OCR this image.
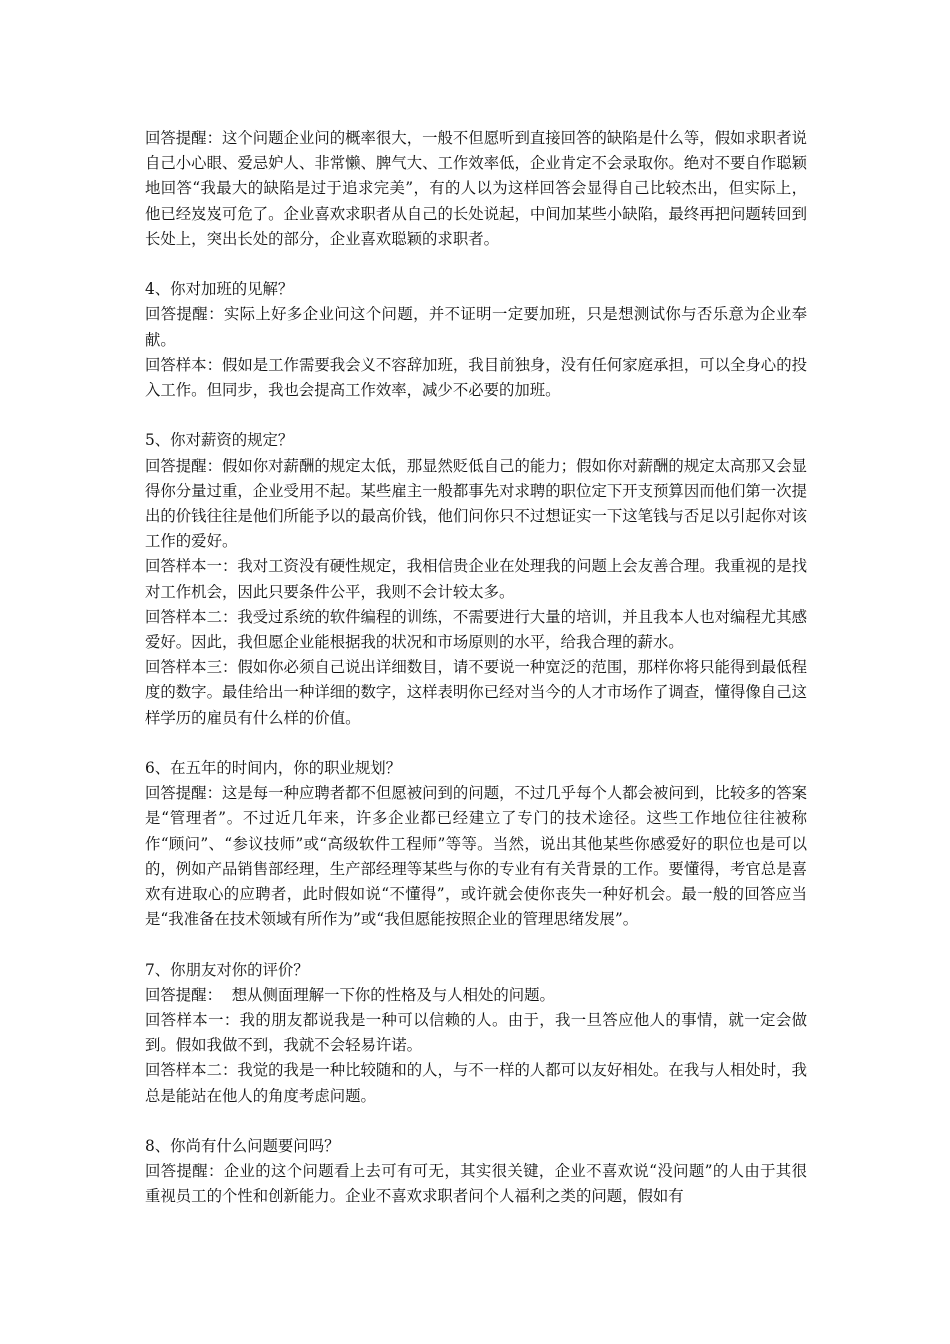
回答提醒：这个问题企业问的概率很大，一般不但愿听到直接回答的缺陷是什么等，假如求职者说自己小心眼、爱忌妒人、非常懒、脾气大、工作效率低，企业肯定不会录取你。绝对不要自作聪颖地回答“我最大的缺陷是过于追求完美”，有的人以为这样回答会显得自己比较杰出，但实际上，他已经岌岌可危了。企业喜欢求职者从自己的长处说起，中间加某些小缺陷，最终再把问题转回到长处上，突出长处的部分，企业喜欢聪颖的求职者。

4、你对加班的见解？

回答提醒：实际上好多企业问这个问题，并不证明一定要加班，只是想测试你与否乐意为企业奉献。

回答样本：假如是工作需要我会义不容辞加班，我目前独身，没有任何家庭承担，可以全身心的投入工作。但同步，我也会提高工作效率，减少不必要的加班。

5、你对薪资的规定？

回答提醒：假如你对薪酬的规定太低，那显然贬低自己的能力；假如你对薪酬的规定太高那又会显得你分量过重，企业受用不起。某些雇主一般都事先对求聘的职位定下开支预算因而他们第一次提出的价钱往往是他们所能予以的最高价钱，他们问你只不过想证实一下这笔钱与否足以引起你对该工作的爱好。

回答样本一：我对工资没有硬性规定，我相信贵企业在处理我的问题上会友善合理。我重视的是找对工作机会，因此只要条件公平，我则不会计较太多。

回答样本二：我受过系统的软件编程的训练，不需要进行大量的培训，并且我本人也对编程尤其感爱好。因此，我但愿企业能根据我的状况和市场原则的水平，给我合理的薪水。

回答样本三：假如你必须自己说出详细数目，请不要说一种宽泛的范围，那样你将只能得到最低程度的数字。最佳给出一种详细的数字，这样表明你已经对当今的人才市场作了调查，懂得像自己这样学历的雇员有什么样的价值。

6、在五年的时间内，你的职业规划？

回答提醒：这是每一种应聘者都不但愿被问到的问题，不过几乎每个人都会被问到，比较多的答案是“管理者”。不过近几年来，许多企业都已经建立了专门的技术途径。这些工作地位往往被称作“顾问”、“参议技师”或“高级软件工程师”等等。当然，说出其他某些你感爱好的职位也是可以的，例如产品销售部经理，生产部经理等某些与你的专业有有关背景的工作。要懂得，考官总是喜欢有进取心的应聘者，此时假如说“不懂得”，或许就会使你丧失一种好机会。最一般的回答应当是“我准备在技术领域有所作为”或“我但愿能按照企业的管理思绪发展”。

7、你朋友对你的评价？

回答提醒：  想从侧面理解一下你的性格及与人相处的问题。

回答样本一：我的朋友都说我是一种可以信赖的人。由于，我一旦答应他人的事情，就一定会做到。假如我做不到，我就不会轻易许诺。

回答样本二：我觉的我是一种比较随和的人，与不一样的人都可以友好相处。在我与人相处时，我总是能站在他人的角度考虑问题。

8、你尚有什么问题要问吗？

回答提醒：企业的这个问题看上去可有可无，其实很关键，企业不喜欢说“没问题”的人由于其很重视员工的个性和创新能力。企业不喜欢求职者问个人福利之类的问题，假如有
